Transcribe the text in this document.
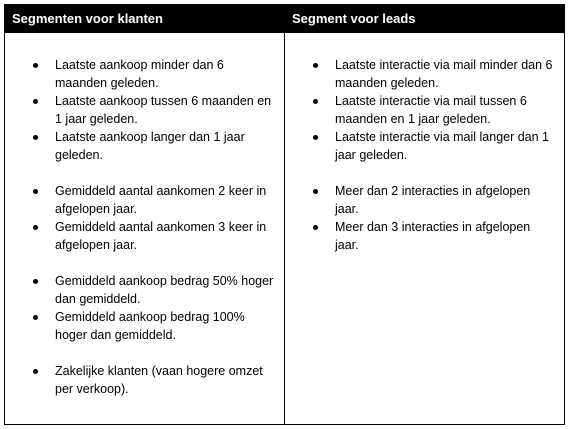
Segmenten voor klanten	Segment voor leads
Laatste aankoop minder dan 6 maanden geleden.
Laatste aankoop tussen 6 maanden en 1 jaar geleden.
Laatste aankoop langer dan 1 jaar geleden.
Gemiddeld aantal aankomen 2 keer in afgelopen jaar.
Gemiddeld aantal aankomen 3 keer in afgelopen jaar.
Gemiddeld aankoop bedrag 50% hoger dan gemiddeld.
Gemiddeld aankoop bedrag 100% hoger dan gemiddeld.
Zakelijke klanten (vaan hogere omzet per verkoop).
Laatste interactie via mail minder dan 6 maanden geleden.
Laatste interactie via mail tussen 6 maanden en 1 jaar geleden.
Laatste interactie via mail langer dan 1 jaar geleden.
Meer dan 2 interacties in afgelopen jaar.
Meer dan 3 interacties in afgelopen jaar.
